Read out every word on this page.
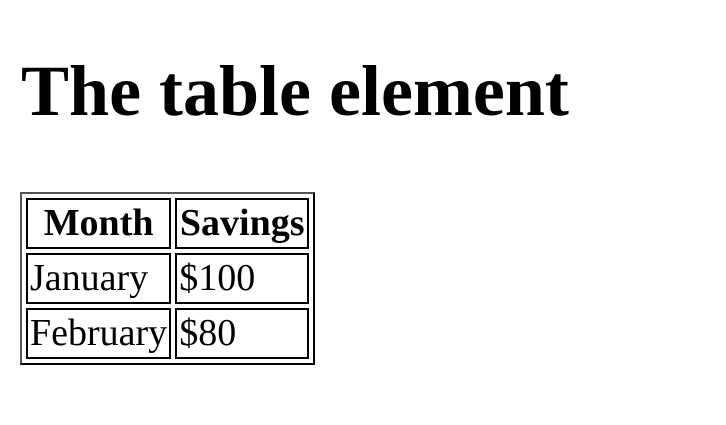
The table element
Month	Savings
January	$100
February	$80
